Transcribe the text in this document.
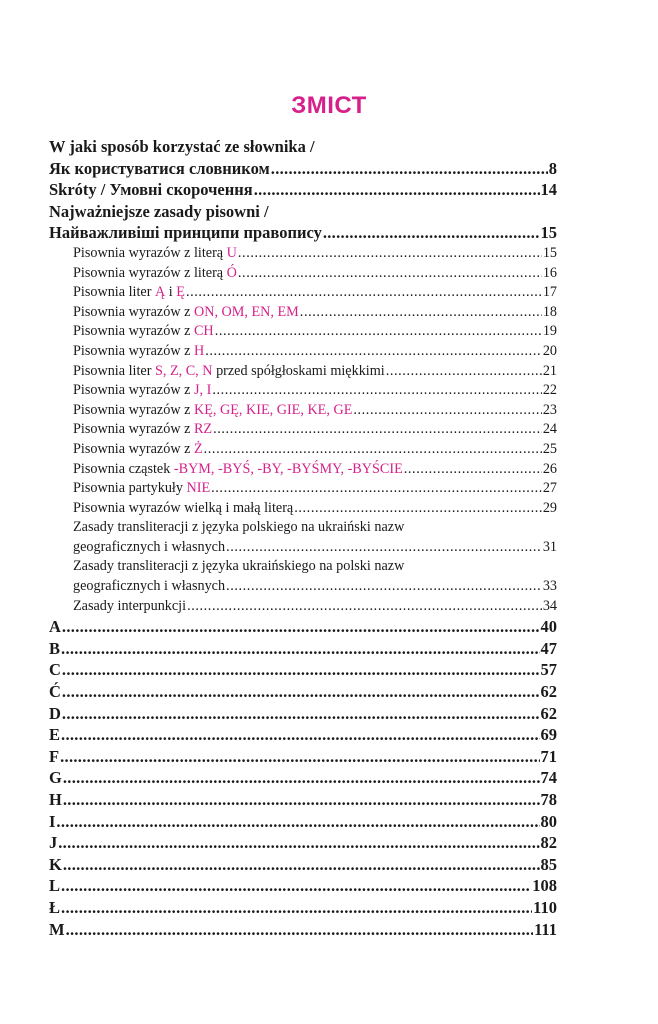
ЗМІСТ
W jaki sposób korzystać ze słownika /
Як користуватися словником .....	8
Skróty / Умовні скорочення .....	14
Najważniejsze zasady pisowni /
Найважливіші принципи правопису .....	15
Pisownia wyrazów z literą U .....	15
Pisownia wyrazów z literą Ó .....	16
Pisownia liter Ą i Ę .....	17
Pisownia wyrazów z ON, OM, EN, EM .....	18
Pisownia wyrazów z CH .....	19
Pisownia wyrazów z H .....	20
Pisownia liter S, Z, C, N przed spółgłoskami miękkimi .....	21
Pisownia wyrazów z J, I .....	22
Pisownia wyrazów z KĘ, GĘ, KIE, GIE, KE, GE .....	23
Pisownia wyrazów z RZ .....	24
Pisownia wyrazów z Ż .....	25
Pisownia cząstek -BYM, -BYŚ, -BY, -BYŚMY, -BYŚCIE .....	26
Pisownia partykuły NIE .....	27
Pisownia wyrazów wielką i małą literą .....	29
Zasady transliteracji z języka polskiego na ukraiński nazw
geograficznych i własnych .....	31
Zasady transliteracji z języka ukraińskiego na polski nazw
geograficznych i własnych .....	33
Zasady interpunkcji .....	34
A .....	40
B .....	47
C .....	57
Ć .....	62
D .....	62
E .....	69
F .....	71
G .....	74
H .....	78
I .....	80
J .....	82
K .....	85
L .....	108
Ł .....	110
M .....	111
